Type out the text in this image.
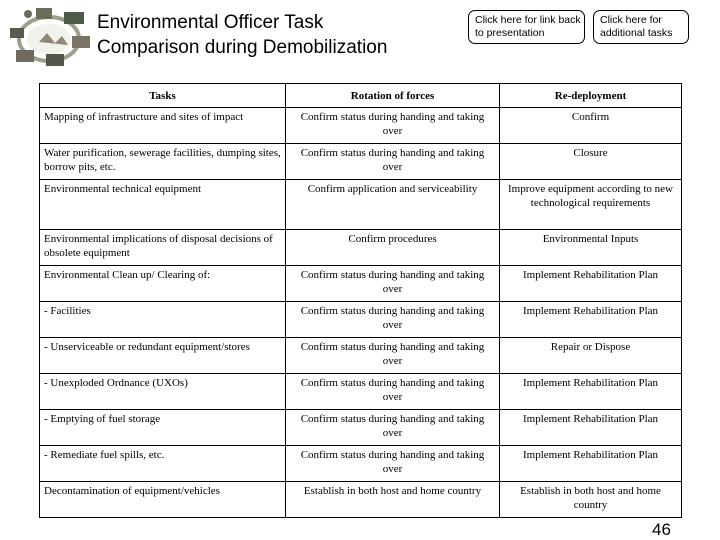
Environmental Officer Task
Comparison during Demobilization
Click here for link back to presentation
Click here for additional tasks
Tasks	Rotation of forces	Re-deployment
Mapping of infrastructure and sites of impact	Confirm status during handing and taking over	Confirm
Water purification, sewerage facilities, dumping sites, borrow pits, etc.	Confirm status during handing and taking over	Closure
Environmental technical equipment	Confirm application and serviceability	Improve equipment according to new technological requirements
Environmental implications of disposal decisions of obsolete equipment	Confirm procedures	Environmental Inputs
Environmental Clean up/ Clearing of:	Confirm status during handing and taking over	Implement Rehabilitation Plan
- Facilities	Confirm status during handing and taking over	Implement Rehabilitation Plan
- Unserviceable or redundant equipment/stores	Confirm status during handing and taking over	Repair or Dispose
- Unexploded Ordnance (UXOs)	Confirm status during handing and taking over	Implement Rehabilitation Plan
- Emptying of fuel storage	Confirm status during handing and taking over	Implement Rehabilitation Plan
- Remediate fuel spills, etc.	Confirm status during handing and taking over	Implement Rehabilitation Plan
Decontamination of equipment/vehicles	Establish in both host and home country	Establish in both host and home country
46
